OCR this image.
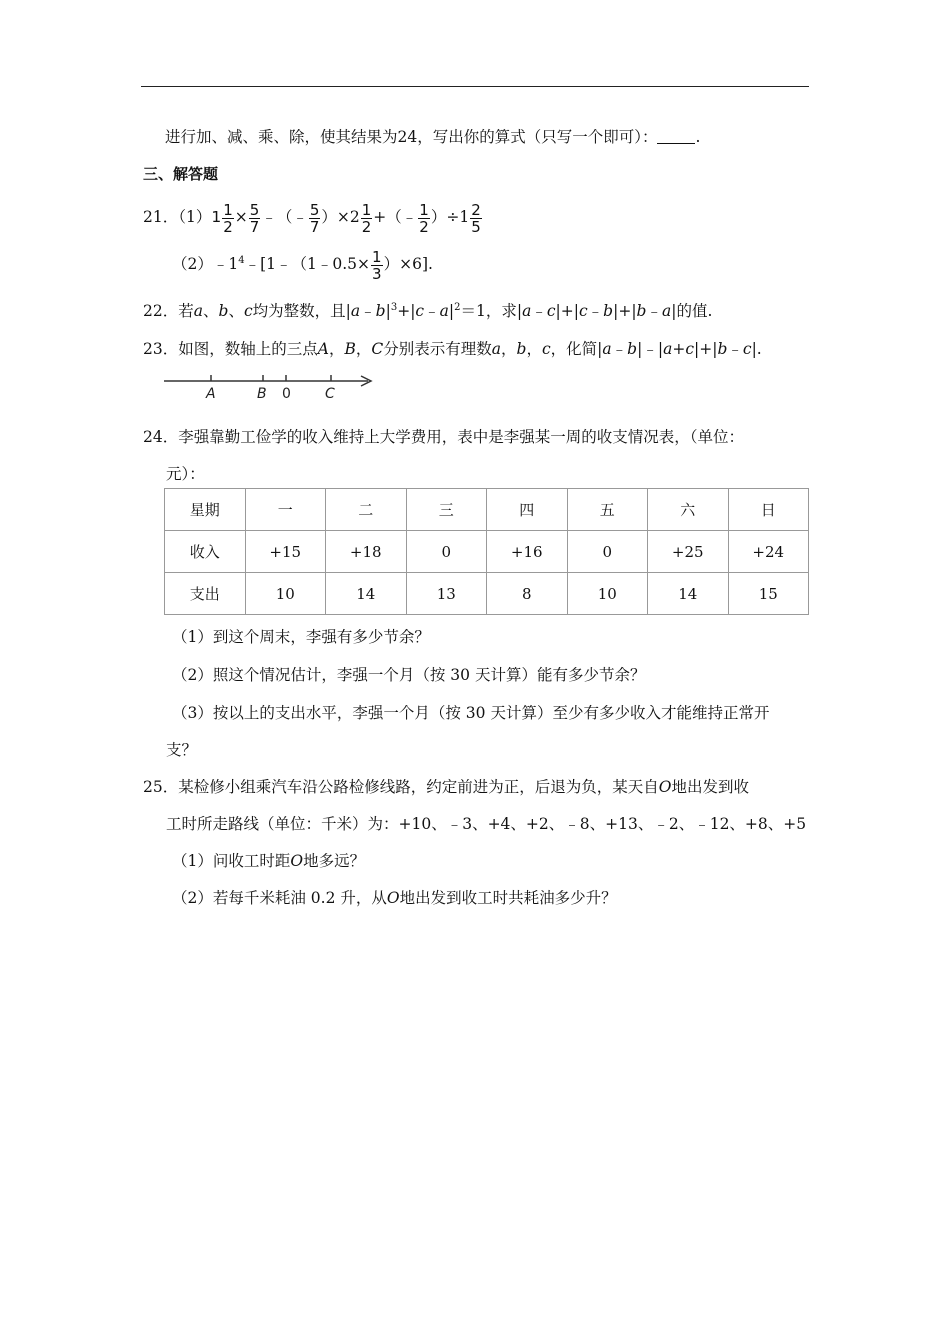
进行加、减、乘、除，使其结果为24，写出你的算式（只写一个即可）： .
三、解答题
21．$(1)1 \frac{1}{2} \times \frac{5}{7}$ ﹣（﹣ $\frac{5}{7} )\times 2 \frac{1}{2}$ +（﹣ $\frac{1}{2} )\div 1 \frac{2}{5}$
$(2)﹣1^4﹣[1﹣(1﹣0.5\times \frac{1}{3} )\times 6]$.
22．若a、b、c均为整数，且$|a﹣b|^3+|c﹣a|^2=1$，求|a﹣c|+|c﹣b|+|b﹣a|的值.
23．如图，数轴上的三点A，B，C分别表示有理数a，b，c，化简|a﹣b|﹣|a+c|+|b﹣c|.
A	B 0 C
24．李强靠勤工俭学的收入维持上大学费用，表中是李强某一周的收支情况表，（单位：
元）：
星期	一	二	三	四	五	六	日
收入	+15	+18	0	+16	0	+25	+24
支出	10	14	13	8	10	14	15
（1）到这个周末，李强有多少节余？
（2）照这个情况估计，李强一个月（按 30 天计算）能有多少节余？
（3）按以上的支出水平，李强一个月（按 30 天计算）至少有多少收入才能维持正常开
支？
25．某检修小组乘汽车沿公路检修线路，约定前进为正，后退为负，某天自O地出发到收
工时所走路线（单位：千米）为：+10、﹣3、+4、+2、﹣8、+13、﹣2、﹣12、+8、+5
（1）问收工时距O地多远？
（2）若每千米耗油 0.2 升，从O地出发到收工时共耗油多少升？
